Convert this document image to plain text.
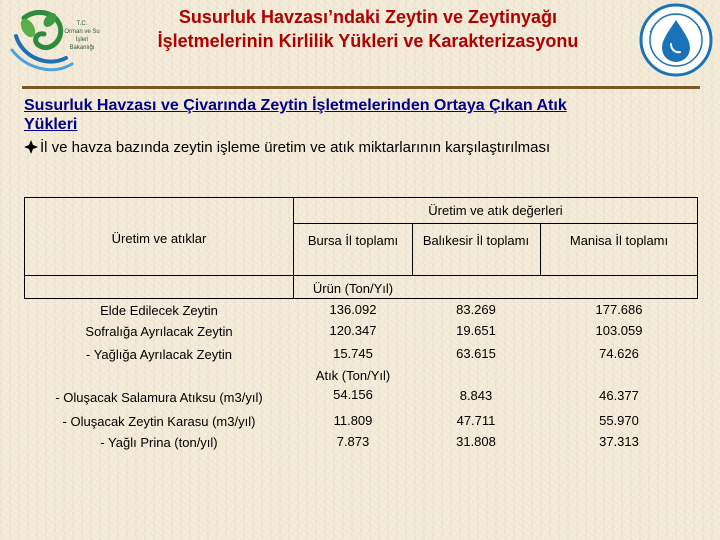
T.C.
Orman ve Su İşleri
Bakanlığı
Susurluk Havzası’ndaki Zeytin ve Zeytinyağı
İşletmelerinin Kirlilik Yükleri ve Karakterizasyonu
Susurluk Havzası ve Çivarında Zeytin İşletmelerinden Ortaya Çıkan Atık
Yükleri
İl ve havza bazında zeytin işleme üretim ve atık miktarlarının karşılaştırılması
Üretim ve atık değerleri
Üretim ve atıklar	Bursa İl toplamı	Balıkesir İl toplamı	Manisa İl toplamı
Ürün (Ton/Yıl)
Elde Edilecek Zeytin	136.092	83.269	177.686
Sofralığa Ayrılacak Zeytin	120.347	19.651	103.059
- Yağlığa Ayrılacak Zeytin	15.745	63.615	74.626
Atık (Ton/Yıl)
- Oluşacak Salamura Atıksu (m3/yıl)	54.156	8.843	46.377
- Oluşacak Zeytin Karasu (m3/yıl)	11.809	47.711	55.970
- Yağlı Prina (ton/yıl)	7.873	31.808	37.313
